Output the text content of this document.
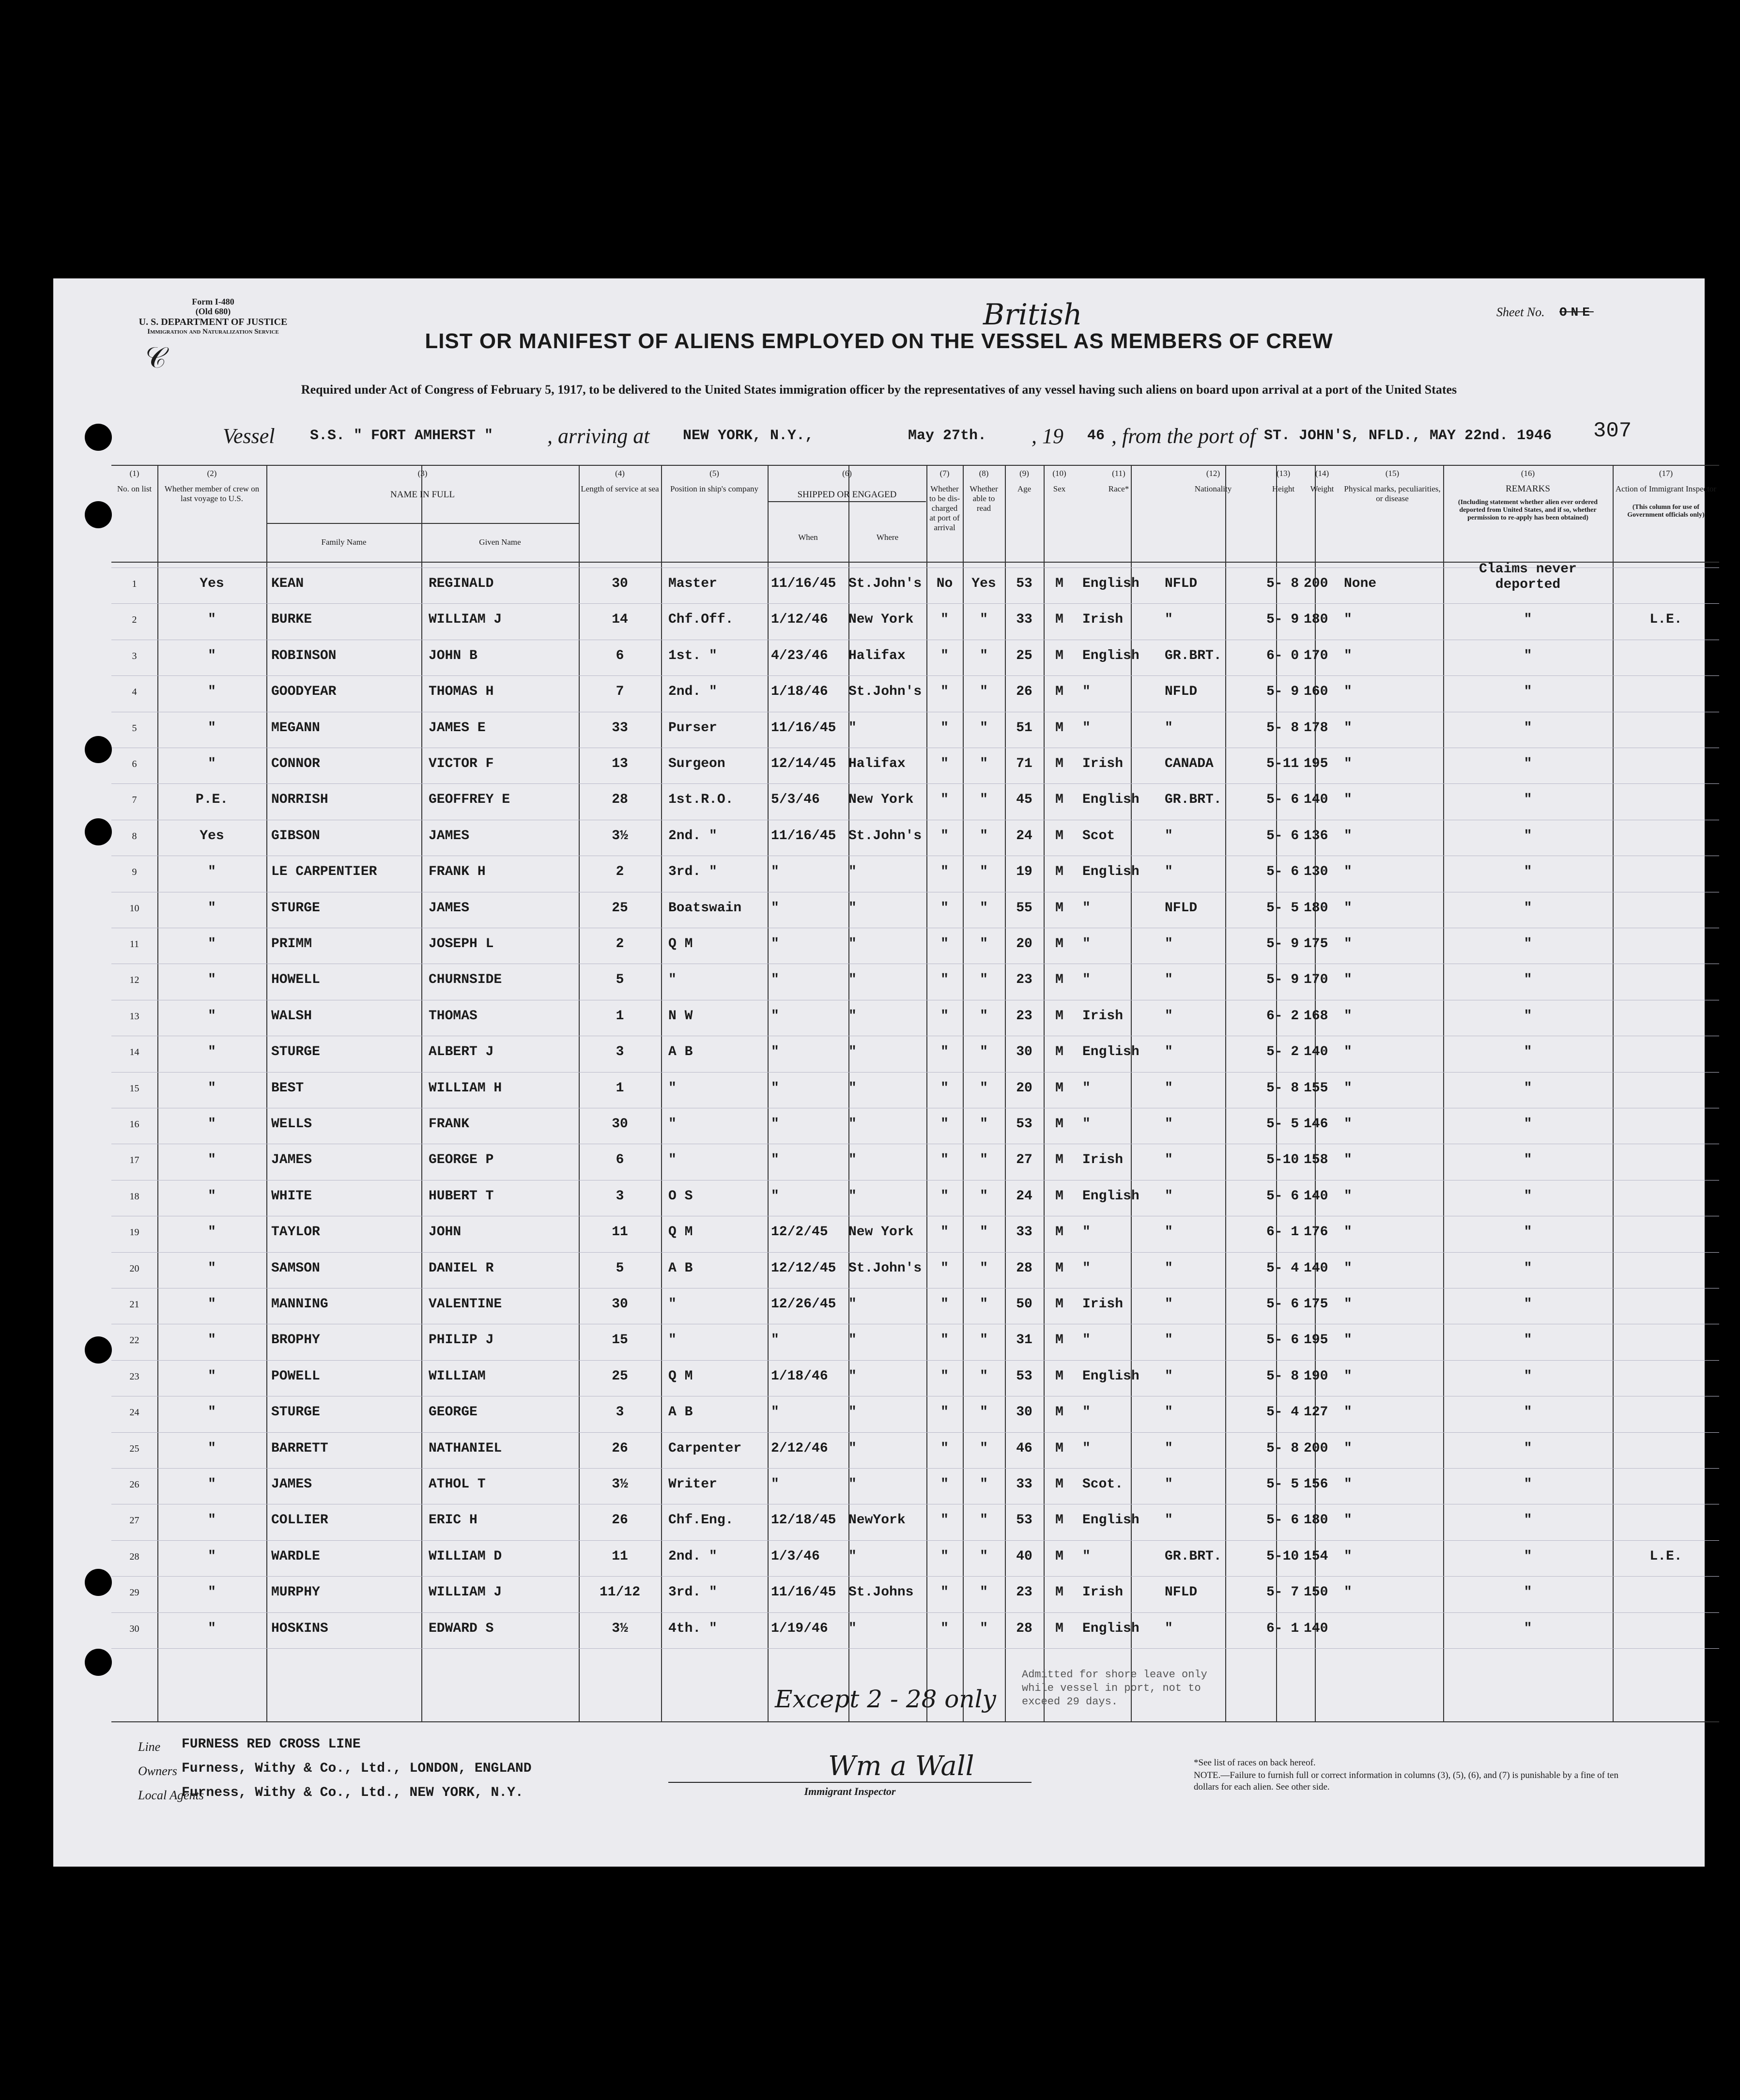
Form I-480
(Old 680)
U. S. DEPARTMENT OF JUSTICE
Immigration and Naturalization Service
𝒞
Sheet No. ONE
British
LIST OR MANIFEST OF ALIENS EMPLOYED ON THE VESSEL AS MEMBERS OF CREW
Required under Act of Congress of February 5, 1917, to be delivered to the United States immigration officer by the representatives of any vessel having such aliens on board upon arrival at a port of the United States
307
Vessel S.S. " FORT AMHERST "	, arriving at NEW YORK, N.Y.,	May 27th. , 19 46 , from the port of ST. JOHN'S, NFLD., MAY 22nd. 1946
(1)
No. on list
(2)
Whether member of crew on last voyage to U.S.
(3)
NAME IN FULL
(4)
Length of service at sea
(5)
Position in ship's company
(6)
SHIPPED OR ENGAGED
(7)
Whether to be dis-charged at port of arrival
(8)
Whether able to read
(9)
Age
(10)
Sex
(11)
Race*
(12)
Nationality
(13)
Height
(14)
Weight
(15)
Physical marks, peculiarities, or disease
(16)
REMARKS
(17)
Action of Immigrant Inspector
Family Name	Given Name
When	Where
(Including statement whether alien ever ordered deported from United States, and if so, whether permission to re-apply has been obtained)
(This column for use of Government officials only)
1	Yes	KEAN	REGINALD	30	Master	11/16/45 St.John's	No	Yes	53	M	English	NFLD	5- 8 200	None
Claims never deported
2	"	BURKE	WILLIAM J	14	Chf.Off.	1/12/46	New York	"	"	33	M	Irish	"	5- 9 180	"	"	L.E.
3	"	ROBINSON	JOHN B	6	1st. "	4/23/46	Halifax	"	"	25	M	English	GR.BRT.	6- 0 170	"	"
4	"	GOODYEAR	THOMAS H	7	2nd. "	1/18/46	St.John's	"	"	26	M	"	NFLD	5- 9 160	"	"
5	"	MEGANN	JAMES E	33	Purser	11/16/45 "	"	"	51	M	"	"	5- 8 178	"	"
6	"	CONNOR	VICTOR F	13	Surgeon	12/14/45 Halifax	"	"	71	M	Irish	CANADA	5-11 195	"	"
7	P.E.	NORRISH	GEOFFREY E	28	1st.R.O.	5/3/46	New York	"	"	45	M	English	GR.BRT.	5- 6 140	"	"
8	Yes	GIBSON	JAMES	3½	2nd. "	11/16/45 St.John's	"	"	24	M	Scot	"	5- 6 136	"	"
9	"	LE CARPENTIER	FRANK H	2	3rd. "	"	"	"	"	19	M	English	"	5- 6 130	"	"
10	"	STURGE	JAMES	25	Boatswain	"	"	"	"	55	M	"	NFLD	5- 5 180	"	"
11	"	PRIMM	JOSEPH L	2	Q M	"	"	"	"	20	M	"	"	5- 9 175	"	"
12	"	HOWELL	CHURNSIDE	5	"	"	"	"	"	23	M	"	"	5- 9 170	"	"
13	"	WALSH	THOMAS	1	N W	"	"	"	"	23	M	Irish	"	6- 2 168	"	"
14	"	STURGE	ALBERT J	3	A B	"	"	"	"	30	M	English	"	5- 2 140	"	"
15	"	BEST	WILLIAM H	1	"	"	"	"	"	20	M	"	"	5- 8 155	"	"
16	"	WELLS	FRANK	30	"	"	"	"	"	53	M	"	"	5- 5 146	"	"
17	"	JAMES	GEORGE P	6	"	"	"	"	"	27	M	Irish	"	5-10 158	"	"
18	"	WHITE	HUBERT T	3	O S	"	"	"	"	24	M	English	"	5- 6 140	"	"
19	"	TAYLOR	JOHN	11	Q M	12/2/45	New York	"	"	33	M	"	"	6- 1 176	"	"
20	"	SAMSON	DANIEL R	5	A B	12/12/45 St.John's	"	"	28	M	"	"	5- 4 140	"	"
21	"	MANNING	VALENTINE	30	"	12/26/45 "	"	"	50	M	Irish	"	5- 6 175	"	"
22	"	BROPHY	PHILIP J	15	"	"	"	"	"	31	M	"	"	5- 6 195	"	"
23	"	POWELL	WILLIAM	25	Q M	1/18/46	"	"	"	53	M	English	"	5- 8 190	"	"
24	"	STURGE	GEORGE	3	A B	"	"	"	"	30	M	"	"	5- 4 127	"	"
25	"	BARRETT	NATHANIEL	26	Carpenter	2/12/46	"	"	"	46	M	"	"	5- 8 200	"	"
26	"	JAMES	ATHOL T	3½	Writer	"	"	"	"	33	M	Scot.	"	5- 5 156	"	"
27	"	COLLIER	ERIC H	26	Chf.Eng.	12/18/45 NewYork	"	"	53	M	English	"	5- 6 180	"	"
28	"	WARDLE	WILLIAM D	11	2nd. "	1/3/46	"	"	"	40	M	"	GR.BRT.	5-10 154	"	"	L.E.
29	"	MURPHY	WILLIAM J	11/12	3rd. "	11/16/45 St.Johns	"	"	23	M	Irish	NFLD	5- 7 150	"	"
30	"	HOSKINS	EDWARD S	3½	4th. "	1/19/46	"	"	"	28	M	English	"	6- 1 140	"
Admitted for shore leave only while vessel in port, not to exceed 29 days.
Except 2 - 28 only
Line FURNESS RED CROSS LINE
Owners Furness, Withy & Co., Ltd., LONDON, ENGLAND
Local Agents
Furness, Withy & Co., Ltd., NEW YORK, N.Y.
Wm a Wall
Immigrant Inspector
*See list of races on back hereof.
NOTE.—Failure to furnish full or correct information in columns (3), (5), (6), and (7) is punishable by a fine of ten dollars for each alien. See other side.
